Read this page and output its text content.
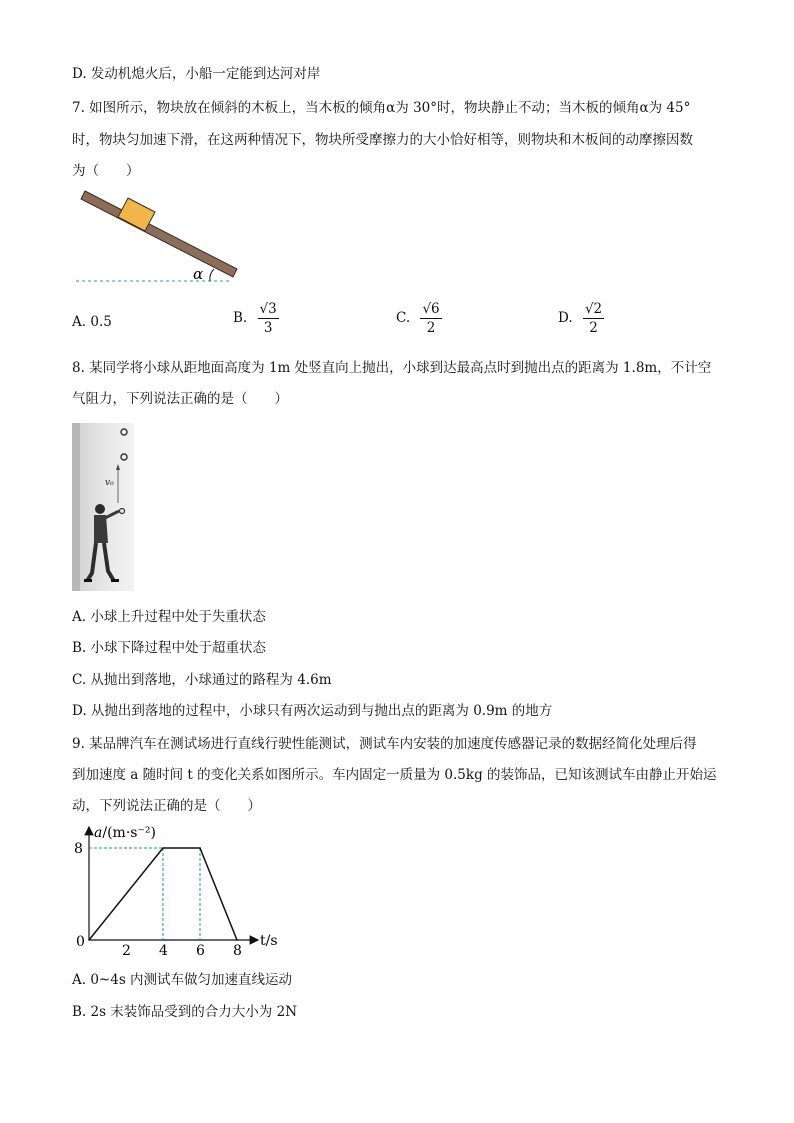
D. 发动机熄火后，小船一定能到达河对岸
7. 如图所示，物块放在倾斜的木板上，当木板的倾角α为 30°时，物块静止不动；当木板的倾角α为 45°
时，物块匀加速下滑，在这两种情况下，物块所受摩擦力的大小恰好相等，则物块和木板间的动摩擦因数
为（　　）
α
A. 0.5	B. $\frac{√3}{3}$	C. $\frac{√6}{2}$	D. $\frac{√2}{2}$
8. 某同学将小球从距地面高度为 1m 处竖直向上抛出，小球到达最高点时到抛出点的距离为 1.8m，不计空
气阻力，下列说法正确的是（　　）
v₀
A. 小球上升过程中处于失重状态
B. 小球下降过程中处于超重状态
C. 从抛出到落地，小球通过的路程为 4.6m
D. 从抛出到落地的过程中，小球只有两次运动到与抛出点的距离为 0.9m 的地方
9. 某品牌汽车在测试场进行直线行驶性能测试，测试车内安装的加速度传感器记录的数据经简化处理后得
到加速度 a 随时间 t 的变化关系如图所示。车内固定一质量为 0.5kg 的装饰品，已知该测试车由静止开始运
动，下列说法正确的是（　　）
a/(m·s⁻²)
t/s
0
2 4 6 8
8
A. 0~4s 内测试车做匀加速直线运动
B. 2s 末装饰品受到的合力大小为 2N
